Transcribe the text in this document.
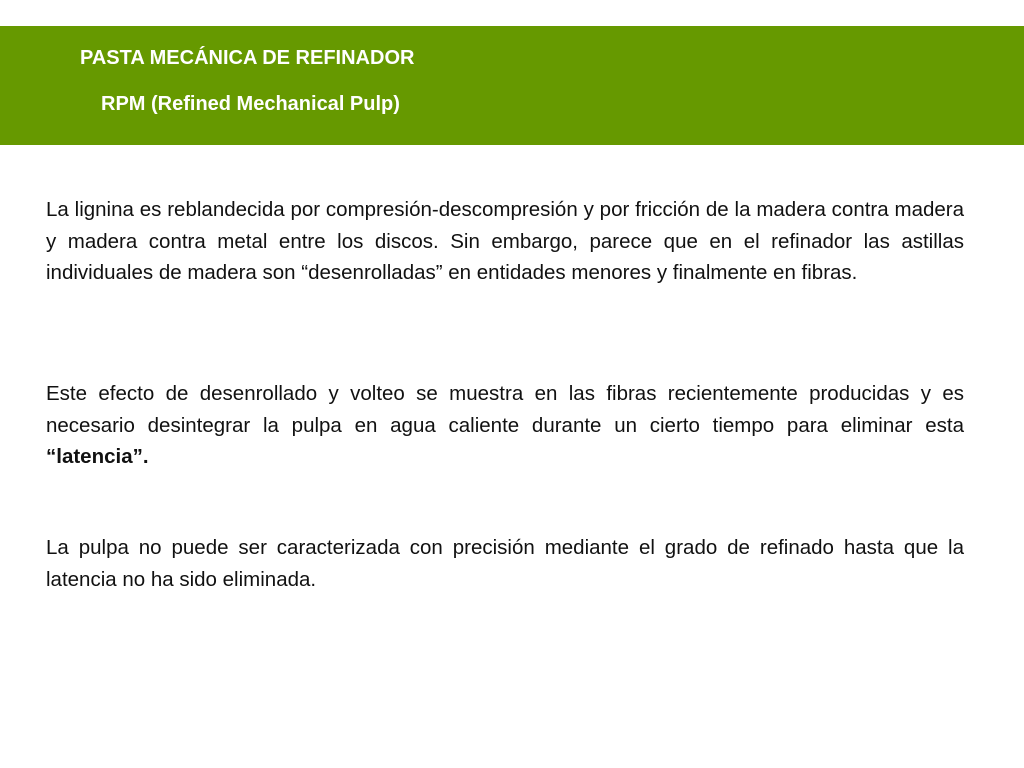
PASTA MECÁNICA DE REFINADOR
RPM (Refined Mechanical Pulp)

La lignina es reblandecida por compresión-descompresión y por fricción de la madera contra madera y madera contra metal entre los discos. Sin embargo, parece que en el refinador las astillas individuales de madera son “desenrolladas” en entidades menores y finalmente en fibras.

Este efecto de desenrollado y volteo se muestra en las fibras recientemente producidas y es necesario desintegrar la pulpa en agua caliente durante un cierto tiempo para eliminar esta “latencia”.

La pulpa no puede ser caracterizada con precisión mediante el grado de refinado hasta que la latencia no ha sido eliminada.
